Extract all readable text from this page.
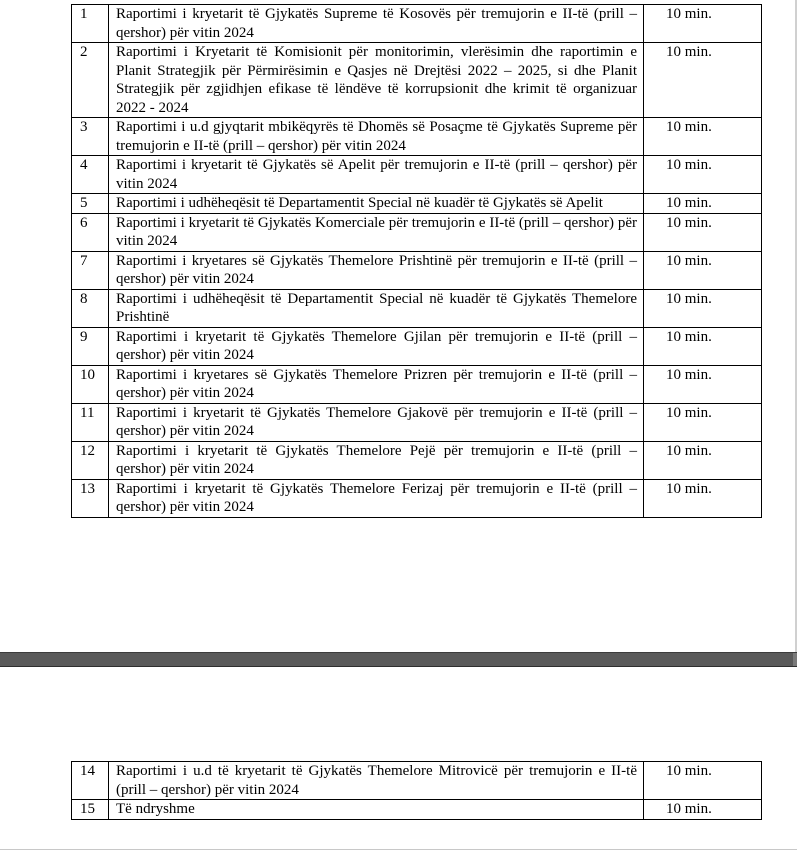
1	Raportimi i kryetarit të Gjykatës Supreme të Kosovës për tremujorin e II-të (prill – qershor) për vitin 2024	10 min.
2	Raportimi i Kryetarit të Komisionit për monitorimin, vlerësimin dhe raportimin e Planit Strategjik për Përmirësimin e Qasjes në Drejtësi 2022 – 2025, si dhe Planit Strategjik për zgjidhjen efikase të lëndëve të korrupsionit dhe krimit të organizuar 2022 - 2024	10 min.
3	Raportimi i u.d gjyqtarit mbikëqyrës të Dhomës së Posaçme të Gjykatës Supreme për tremujorin e II-të (prill – qershor) për vitin 2024	10 min.
4	Raportimi i kryetarit të Gjykatës së Apelit për tremujorin e II-të (prill – qershor) për vitin 2024	10 min.
5	Raportimi i udhëheqësit të Departamentit Special në kuadër të Gjykatës së Apelit	10 min.
6	Raportimi i kryetarit të Gjykatës Komerciale për tremujorin e II-të (prill – qershor) për vitin 2024	10 min.
7	Raportimi i kryetares së Gjykatës Themelore Prishtinë për tremujorin e II-të (prill – qershor) për vitin 2024	10 min.
8	Raportimi i udhëheqësit të Departamentit Special në kuadër të Gjykatës Themelore Prishtinë	10 min.
9	Raportimi i kryetarit të Gjykatës Themelore Gjilan për tremujorin e II-të (prill – qershor) për vitin 2024	10 min.
10	Raportimi i kryetares së Gjykatës Themelore Prizren për tremujorin e II-të (prill – qershor) për vitin 2024	10 min.
11	Raportimi i kryetarit të Gjykatës Themelore Gjakovë për tremujorin e II-të (prill – qershor) për vitin 2024	10 min.
12	Raportimi i kryetarit të Gjykatës Themelore Pejë për tremujorin e II-të (prill – qershor) për vitin 2024	10 min.
13	Raportimi i kryetarit të Gjykatës Themelore Ferizaj për tremujorin e II-të (prill – qershor) për vitin 2024	10 min.
14	Raportimi i u.d të kryetarit të Gjykatës Themelore Mitrovicë për tremujorin e II-të (prill – qershor) për vitin 2024	10 min.
15	Të ndryshme	10 min.
